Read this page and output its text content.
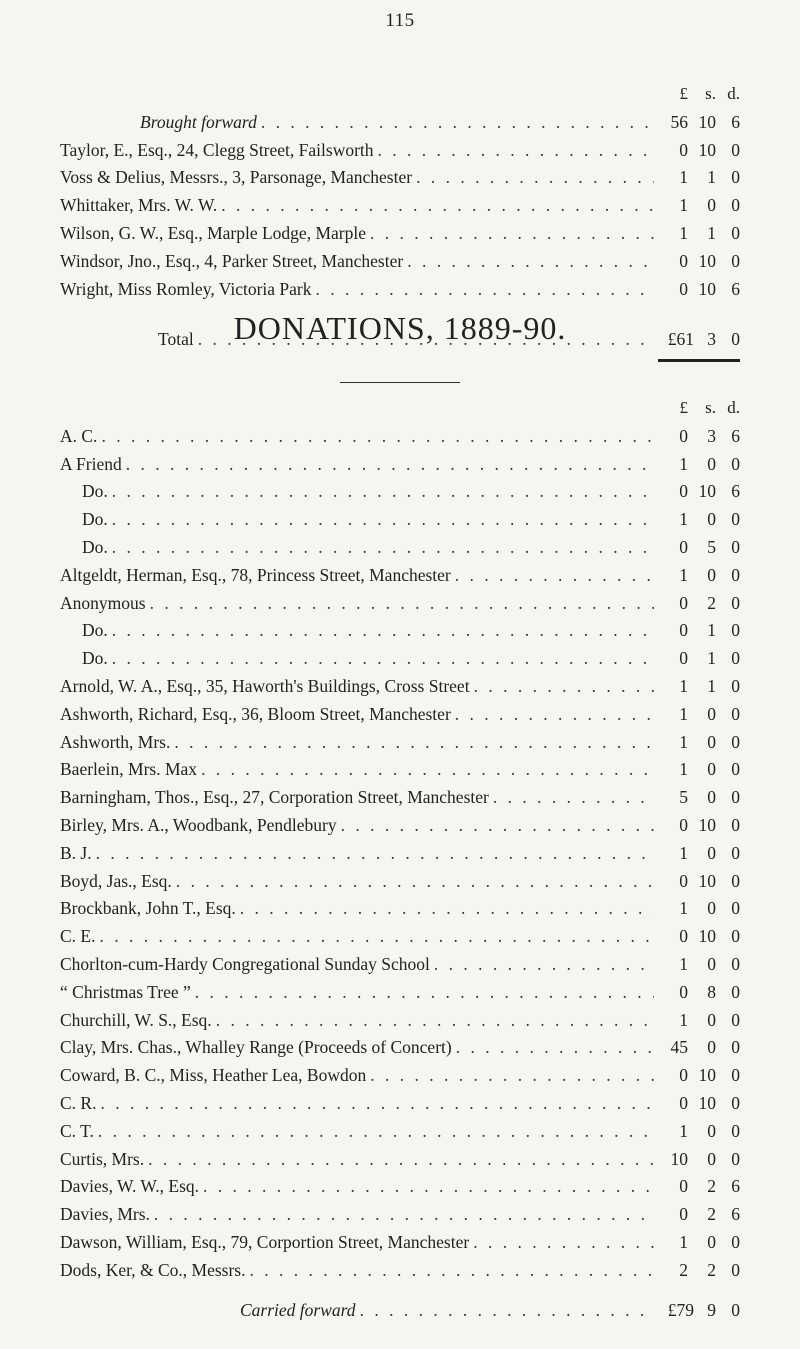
115
£	s. d.
Brought forward . . .	56 10 6
Taylor, E., Esq., 24, Clegg Street, Failsworth . . .	0 10 0
Voss & Delius, Messrs., 3, Parsonage, Manchester . . .	1	1 0
Whittaker, Mrs. W. W. . . .	1	0 0
Wilson, G. W., Esq., Marple Lodge, Marple . . .	1	1 0
Windsor, Jno., Esq., 4, Parker Street, Manchester . . .	0 10 0
Wright, Miss Romley, Victoria Park . . .	0 10 6
Total . . .	£61 3 0
DONATIONS, 1889-90.
£	s. d.
A. C. . . .	0	3 6
A Friend . . .	1	0 0
Do. . . .	0 10 6
Do. . . .	1	0 0
Do. . . .	0	5 0
Altgeldt, Herman, Esq., 78, Princess Street, Manchester . . .	1	0 0
Anonymous . . .	0	2 0
Do. . . .	0	1 0
Do. . . .	0	1 0
Arnold, W. A., Esq., 35, Haworth's Buildings, Cross Street . . .	1	1 0
Ashworth, Richard, Esq., 36, Bloom Street, Manchester . . .	1	0 0
Ashworth, Mrs. . . .	1	0 0
Baerlein, Mrs. Max . . .	1	0 0
Barningham, Thos., Esq., 27, Corporation Street, Manchester . . .	5	0 0
Birley, Mrs. A., Woodbank, Pendlebury . . .	0 10 0
B. J. . . .	1	0 0
Boyd, Jas., Esq. . . .	0 10 0
Brockbank, John T., Esq. . . .	1	0 0
C. E. . . .	0 10 0
Chorlton-cum-Hardy Congregational Sunday School . . .	1	0 0
“ Christmas Tree ” . . .	0	8 0
Churchill, W. S., Esq. . . .	1	0 0
Clay, Mrs. Chas., Whalley Range (Proceeds of Concert) . . .	45	0 0
Coward, B. C., Miss, Heather Lea, Bowdon . . .	0 10 0
C. R. . . .	0 10 0
C. T. . . .	1	0 0
Curtis, Mrs. . . .	10	0 0
Davies, W. W., Esq. . . .	0	2 6
Davies, Mrs. . . .	0	2 6
Dawson, William, Esq., 79, Corportion Street, Manchester . . .	1	0 0
Dods, Ker, & Co., Messrs. . . .	2	2 0
Carried forward . . .	£79 9 0
